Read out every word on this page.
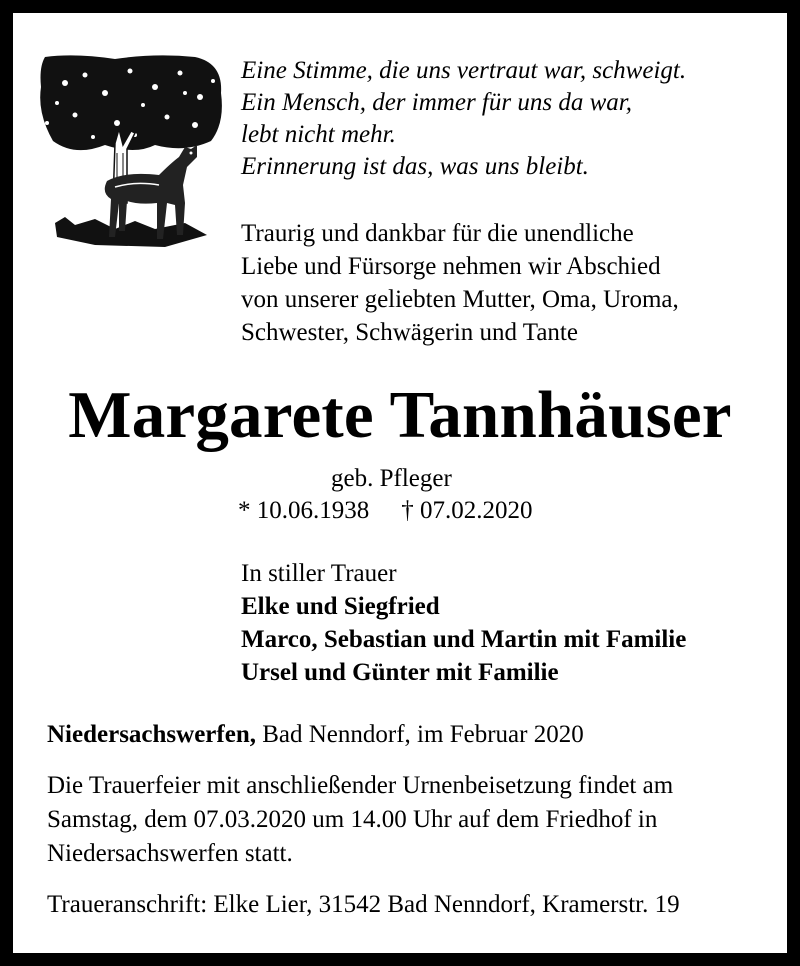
Eine Stimme, die uns vertraut war, schweigt.
Ein Mensch, der immer für uns da war,
lebt nicht mehr.
Erinnerung ist das, was uns bleibt.
Traurig und dankbar für die unendliche
Liebe und Fürsorge nehmen wir Abschied
von unserer geliebten Mutter, Oma, Uroma,
Schwester, Schwägerin und Tante
Margarete Tannhäuser
geb. Pfleger
* 10.06.1938 † 07.02.2020
In stiller Trauer
Elke und Siegfried
Marco, Sebastian und Martin mit Familie
Ursel und Günter mit Familie
Niedersachswerfen, Bad Nenndorf, im Februar 2020
Die Trauerfeier mit anschließender Urnenbeisetzung findet am
Samstag, dem 07.03.2020 um 14.00 Uhr auf dem Friedhof in
Niedersachswerfen statt.
Traueranschrift: Elke Lier, 31542 Bad Nenndorf, Kramerstr. 19
